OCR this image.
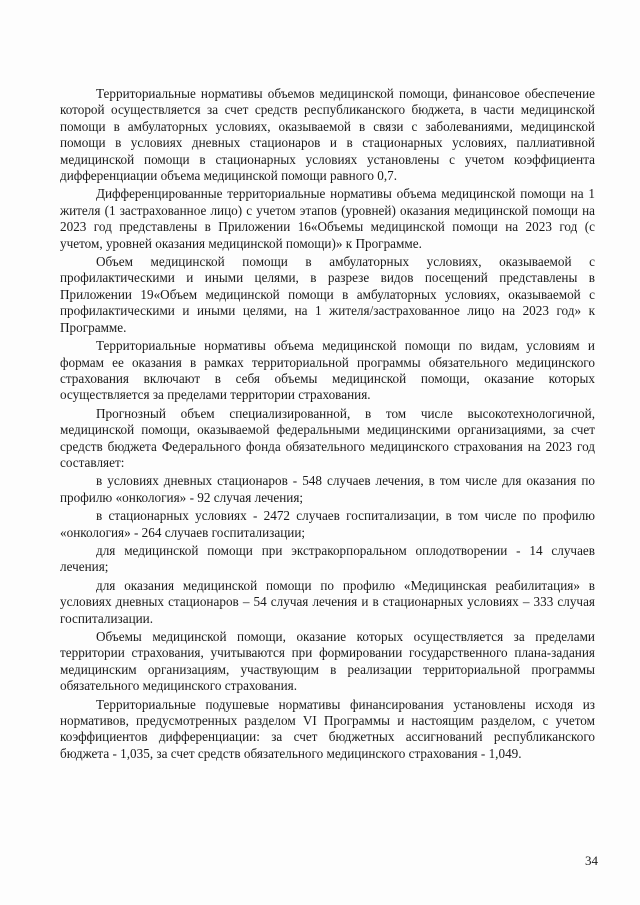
Территориальные нормативы объемов медицинской помощи, финансовое обеспечение которой осуществляется за счет средств республиканского бюджета, в части медицинской помощи в амбулаторных условиях, оказываемой в связи с заболеваниями, медицинской помощи в условиях дневных стационаров и в стационарных условиях, паллиативной медицинской помощи в стационарных условиях установлены с учетом коэффициента дифференциации объема медицинской помощи равного 0,7.

Дифференцированные территориальные нормативы объема медицинской помощи на 1 жителя (1 застрахованное лицо) с учетом этапов (уровней) оказания медицинской помощи на 2023 год представлены в Приложении 16«Объемы медицинской помощи на 2023 год (с учетом, уровней оказания медицинской помощи)» к Программе.

Объем медицинской помощи в амбулаторных условиях, оказываемой с профилактическими и иными целями, в разрезе видов посещений представлены в Приложении 19«Объем медицинской помощи в амбулаторных условиях, оказываемой с профилактическими и иными целями, на 1 жителя/застрахованное лицо на 2023 год» к Программе.

Территориальные нормативы объема медицинской помощи по видам, условиям и формам ее оказания в рамках территориальной программы обязательного медицинского страхования включают в себя объемы медицинской помощи, оказание которых осуществляется за пределами территории страхования.

Прогнозный объем специализированной, в том числе высокотехнологичной, медицинской помощи, оказываемой федеральными медицинскими организациями, за счет средств бюджета Федерального фонда обязательного медицинского страхования на 2023 год составляет:

в условиях дневных стационаров - 548 случаев лечения, в том числе для оказания по профилю «онкология» - 92 случая лечения;

в стационарных условиях - 2472 случаев госпитализации, в том числе по профилю «онкология» - 264 случаев госпитализации;

для медицинской помощи при экстракорпоральном оплодотворении - 14 случаев лечения;

для оказания медицинской помощи по профилю «Медицинская реабилитация» в условиях дневных стационаров – 54 случая лечения и в стационарных условиях – 333 случая госпитализации.

Объемы медицинской помощи, оказание которых осуществляется за пределами территории страхования, учитываются при формировании государственного плана-задания медицинским организациям, участвующим в реализации территориальной программы обязательного медицинского страхования.

Территориальные подушевые нормативы финансирования установлены исходя из нормативов, предусмотренных разделом VI Программы и настоящим разделом, с учетом коэффициентов дифференциации: за счет бюджетных ассигнований республиканского бюджета - 1,035, за счет средств обязательного медицинского страхования - 1,049.

34
